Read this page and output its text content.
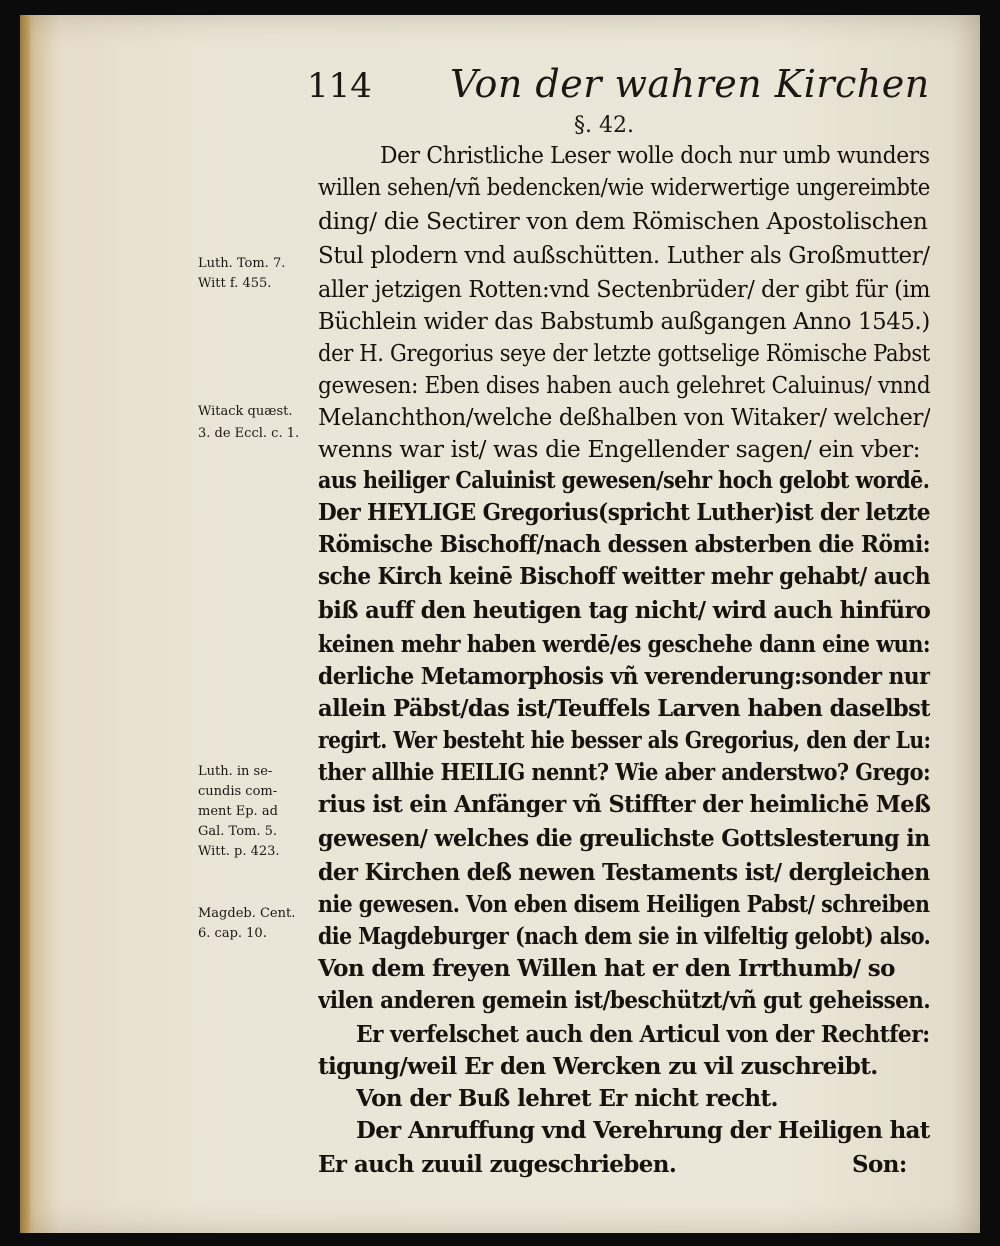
114 Von der wahren Kirchen
§. 42.
Der Christliche Leser wolle doch nur umb wunders
willen sehen/vñ bedencken/wie widerwertige ungereimbte
ding/ die Sectirer von dem Römischen Apostolischen
Stul plodern vnd außschütten. Luther als Großmutter/
aller jetzigen Rotten:vnd Sectenbrüder/ der gibt für (im
Büchlein wider das Babstumb außgangen Anno 1545.)
der H. Gregorius seye der letzte gottselige Römische Pabst
gewesen: Eben dises haben auch gelehret Caluinus/ vnnd
Melanchthon/welche deßhalben von Witaker/ welcher/
wenns war ist/ was die Engellender sagen/ ein vber:
aus heiliger Caluinist gewesen/sehr hoch gelobt wordē.
Der HEYLIGE Gregorius(spricht Luther)ist der letzte
Römische Bischoff/nach dessen absterben die Römi:
sche Kirch keinē Bischoff weitter mehr gehabt/ auch
biß auff den heutigen tag nicht/ wird auch hinfüro
keinen mehr haben werdē/es geschehe dann eine wun:
derliche Metamorphosis vñ verenderung:sonder nur
allein Päbst/das ist/Teuffels Larven haben daselbst
regirt. Wer besteht hie besser als Gregorius, den der Lu:
ther allhie HEILIG nennt? Wie aber anderstwo? Grego:
rius ist ein Anfänger vñ Stiffter der heimlichē Meß
gewesen/ welches die greulichste Gottslesterung in
der Kirchen deß newen Testaments ist/ dergleichen
nie gewesen. Von eben disem Heiligen Pabst/ schreiben
die Magdeburger (nach dem sie in vilfeltig gelobt) also.
Von dem freyen Willen hat er den Irrthumb/ so
vilen anderen gemein ist/beschützt/vñ gut geheissen.
Er verfelschet auch den Articul von der Rechtfer:
tigung/weil Er den Wercken zu vil zuschreibt.
Von der Buß lehret Er nicht recht.
Der Anruffung vnd Verehrung der Heiligen hat
Er auch zuuil zugeschrieben.	Son:
Luth. Tom. 7.
Witt f. 455.
Witack quæst.
3. de Eccl. c. 1.
Luth. in se-
cundis com-
ment Ep. ad
Gal. Tom. 5.
Witt. p. 423.
Magdeb. Cent.
6. cap. 10.
